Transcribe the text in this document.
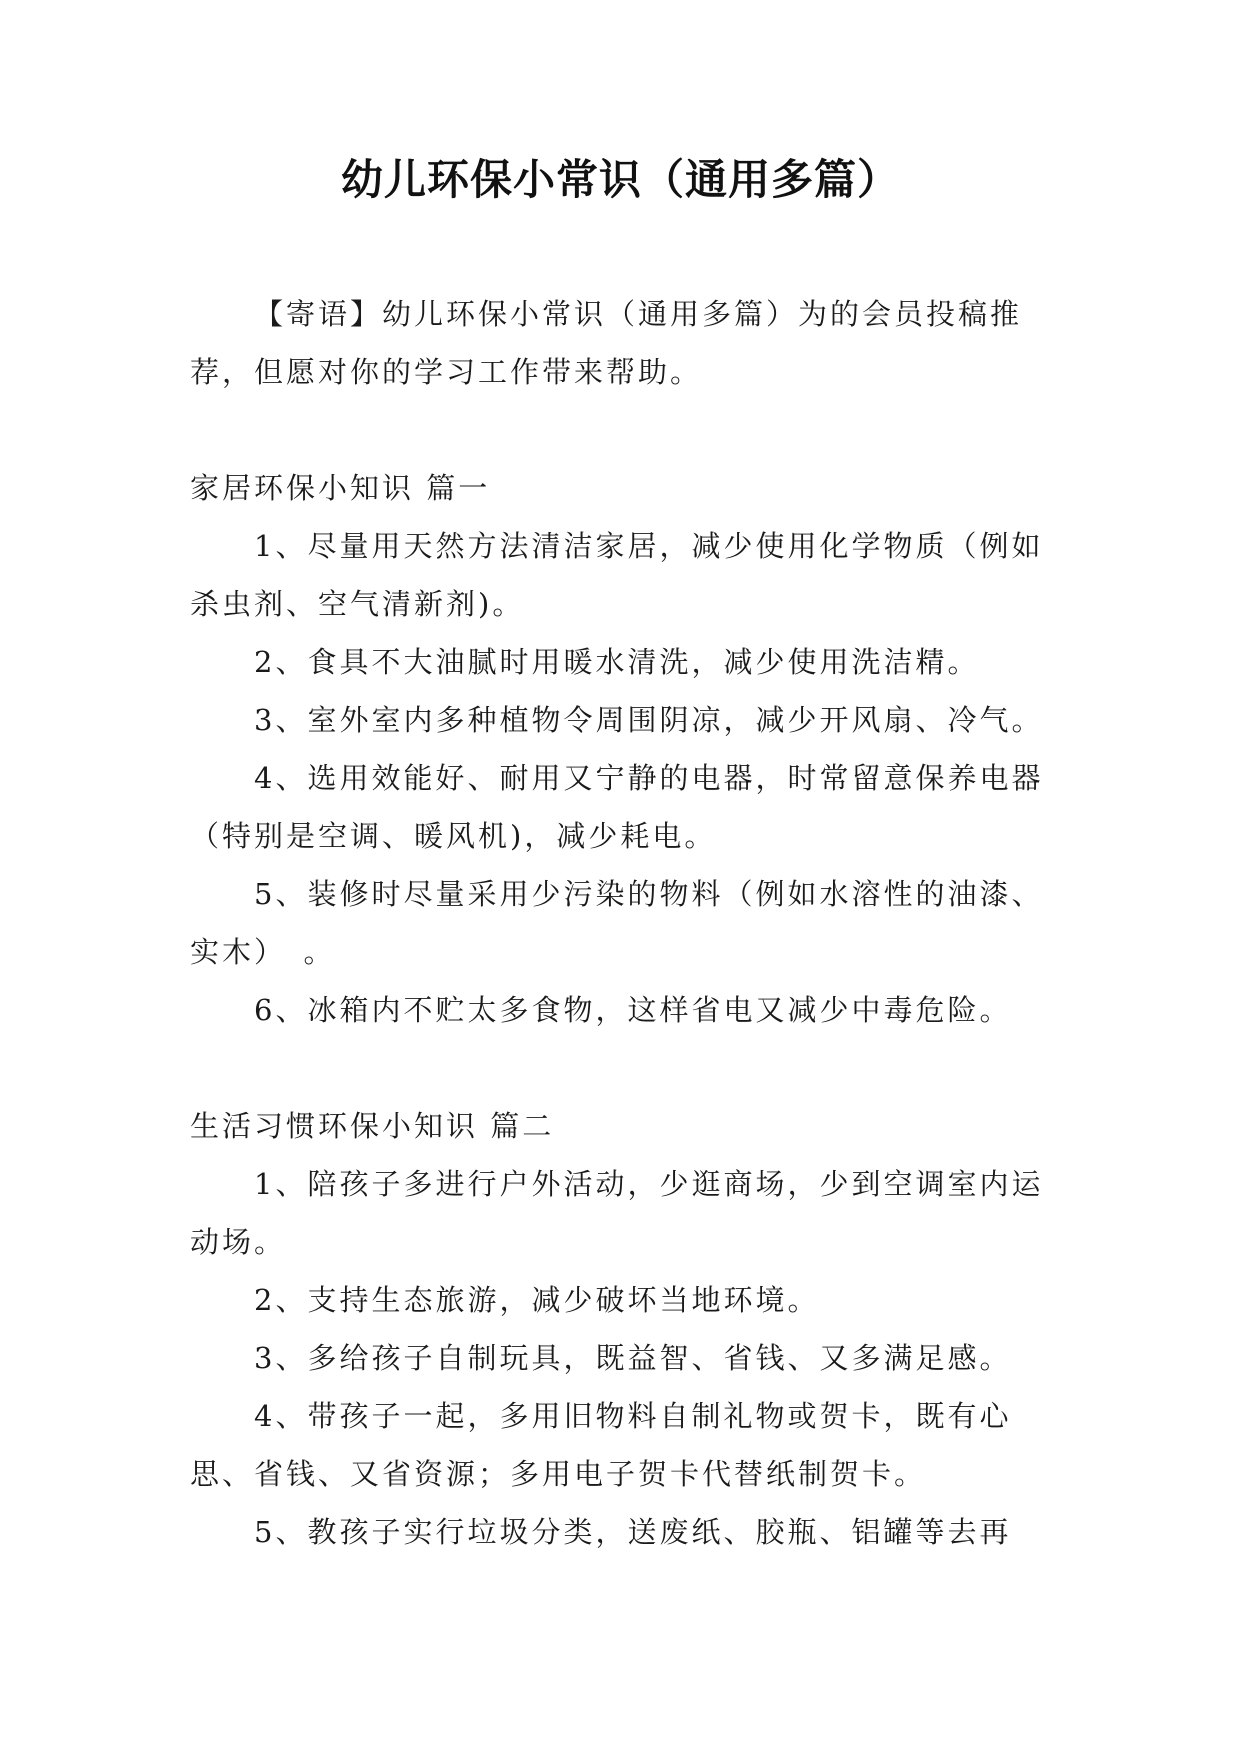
幼儿环保小常识（通用多篇）

【寄语】幼儿环保小常识（通用多篇）为的会员投稿推荐，但愿对你的学习工作带来帮助。

家居环保小知识 篇一

1、尽量用天然方法清洁家居，减少使用化学物质（例如杀虫剂、空气清新剂)。

2、食具不大油腻时用暖水清洗，减少使用洗洁精。

3、室外室内多种植物令周围阴凉，减少开风扇、冷气。

4、选用效能好、耐用又宁静的电器，时常留意保养电器（特别是空调、暖风机)，减少耗电。

5、装修时尽量采用少污染的物料（例如水溶性的油漆、实木）　。

6、冰箱内不贮太多食物，这样省电又减少中毒危险。

生活习惯环保小知识 篇二

1、陪孩子多进行户外活动，少逛商场，少到空调室内运动场。

2、支持生态旅游，减少破坏当地环境。

3、多给孩子自制玩具，既益智、省钱、又多满足感。

4、带孩子一起，多用旧物料自制礼物或贺卡，既有心思、省钱、又省资源；多用电子贺卡代替纸制贺卡。

5、教孩子实行垃圾分类，送废纸、胶瓶、铝罐等去再
